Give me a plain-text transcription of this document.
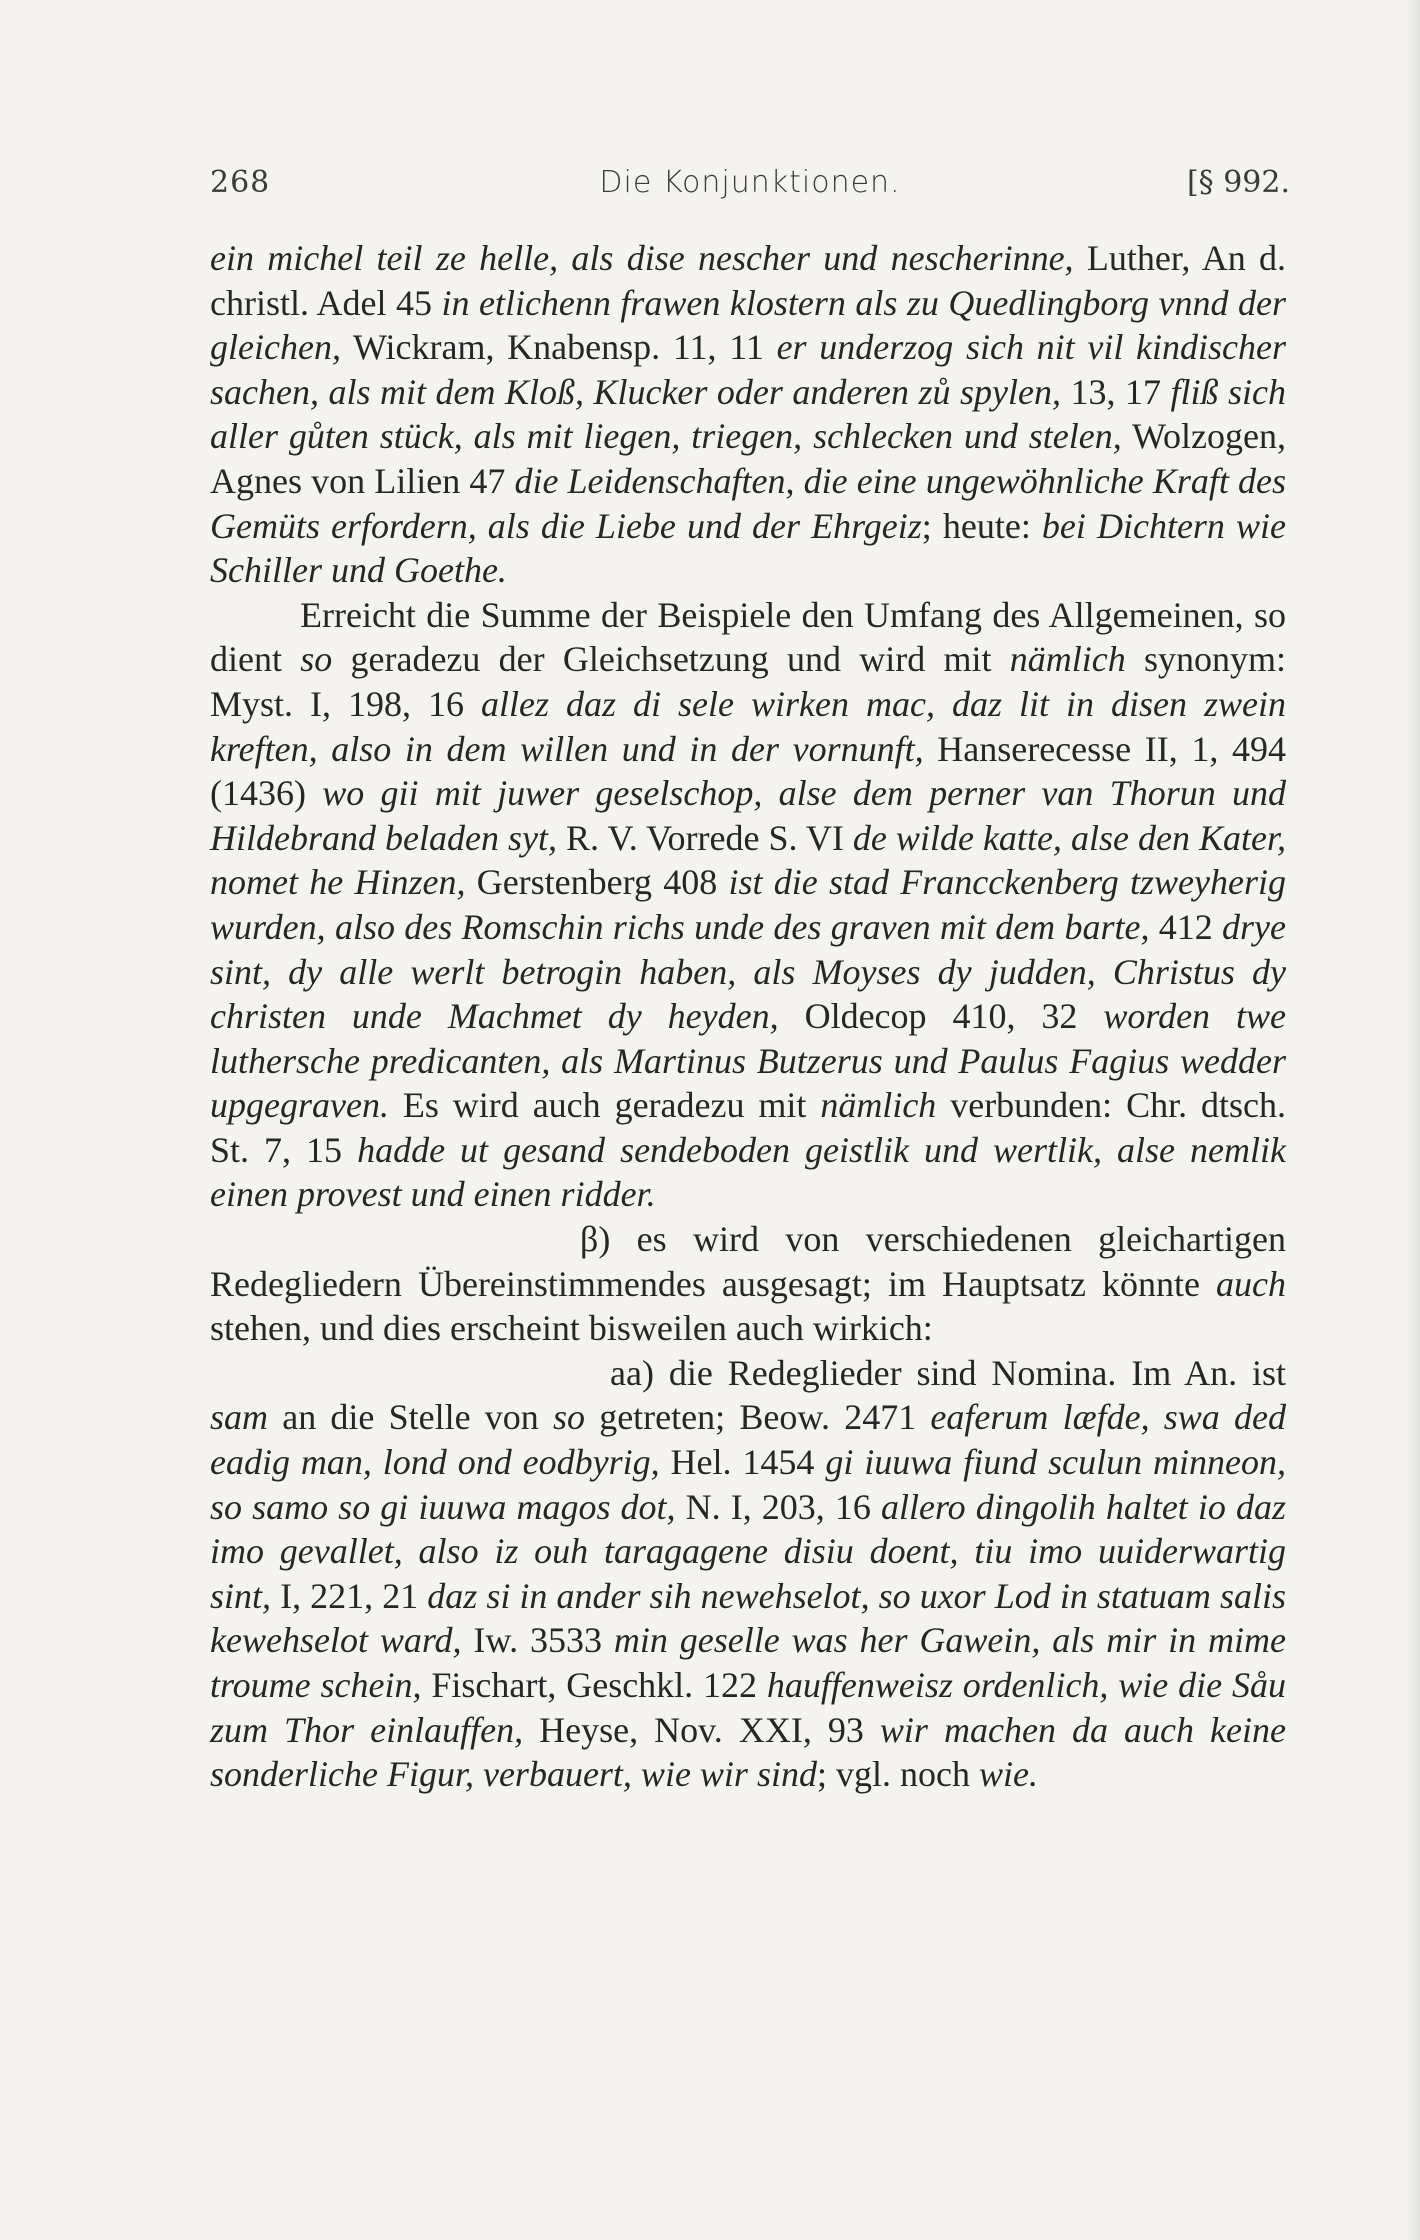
268	Die Konjunktionen.	[§ 992.

ein michel teil ze helle, als dise nescher und nescherinne, Luther, An d. christl. Adel 45 in etlichenn frawen klostern als zu Quedlingborg vnnd der gleichen, Wickram, Knabensp. 11, 11 er underzog sich nit vil kindischer sachen, als mit dem Kloß, Klucker oder anderen zů spylen, 13, 17 fliß sich aller gůten stück, als mit liegen, triegen, schlecken und stelen, Wolzogen, Agnes von Lilien 47 die Leidenschaften, die eine ungewöhnliche Kraft des Gemüts erfordern, als die Liebe und der Ehrgeiz; heute: bei Dichtern wie Schiller und Goethe.

Erreicht die Summe der Beispiele den Umfang des Allgemeinen, so dient so geradezu der Gleichsetzung und wird mit nämlich synonym: Myst. I, 198, 16 allez daz di sele wirken mac, daz lit in disen zwein kreften, also in dem willen und in der vornunft, Hanserecesse II, 1, 494 (1436) wo gii mit juwer geselschop, alse dem perner van Thorun und Hildebrand beladen syt, R. V. Vorrede S. VI de wilde katte, alse den Kater, nomet he Hinzen, Gerstenberg 408 ist die stad Francckenberg tzweyherig wurden, also des Romschin richs unde des graven mit dem barte, 412 drye sint, dy alle werlt betrogin haben, als Moyses dy judden, Christus dy christen unde Machmet dy heyden, Oldecop 410, 32 worden twe luthersche predicanten, als Martinus Butzerus und Paulus Fagius wedder upgegraven. Es wird auch geradezu mit nämlich verbunden: Chr. dtsch. St. 7, 15 hadde ut gesand sendeboden geistlik und wertlik, alse nemlik einen provest und einen ridder.

β) es wird von verschiedenen gleichartigen Redegliedern Übereinstimmendes ausgesagt; im Hauptsatz könnte auch stehen, und dies erscheint bisweilen auch wirkich:

aa) die Redeglieder sind Nomina. Im An. ist sam an die Stelle von so getreten; Beow. 2471 eaferum læfde, swa ded eadig man, lond ond eodbyrig, Hel. 1454 gi iuuwa fiund sculun minneon, so samo so gi iuuwa magos dot, N. I, 203, 16 allero dingolih haltet io daz imo gevallet, also iz ouh taragagene disiu doent, tiu imo uuiderwartig sint, I, 221, 21 daz si in ander sih newehselot, so uxor Lod in statuam salis kewehselot ward, Iw. 3533 min geselle was her Gawein, als mir in mime troume schein, Fischart, Geschkl. 122 hauffenweisz ordenlich, wie die Såu zum Thor einlauffen, Heyse, Nov. XXI, 93 wir machen da auch keine sonderliche Figur, verbauert, wie wir sind; vgl. noch wie.
